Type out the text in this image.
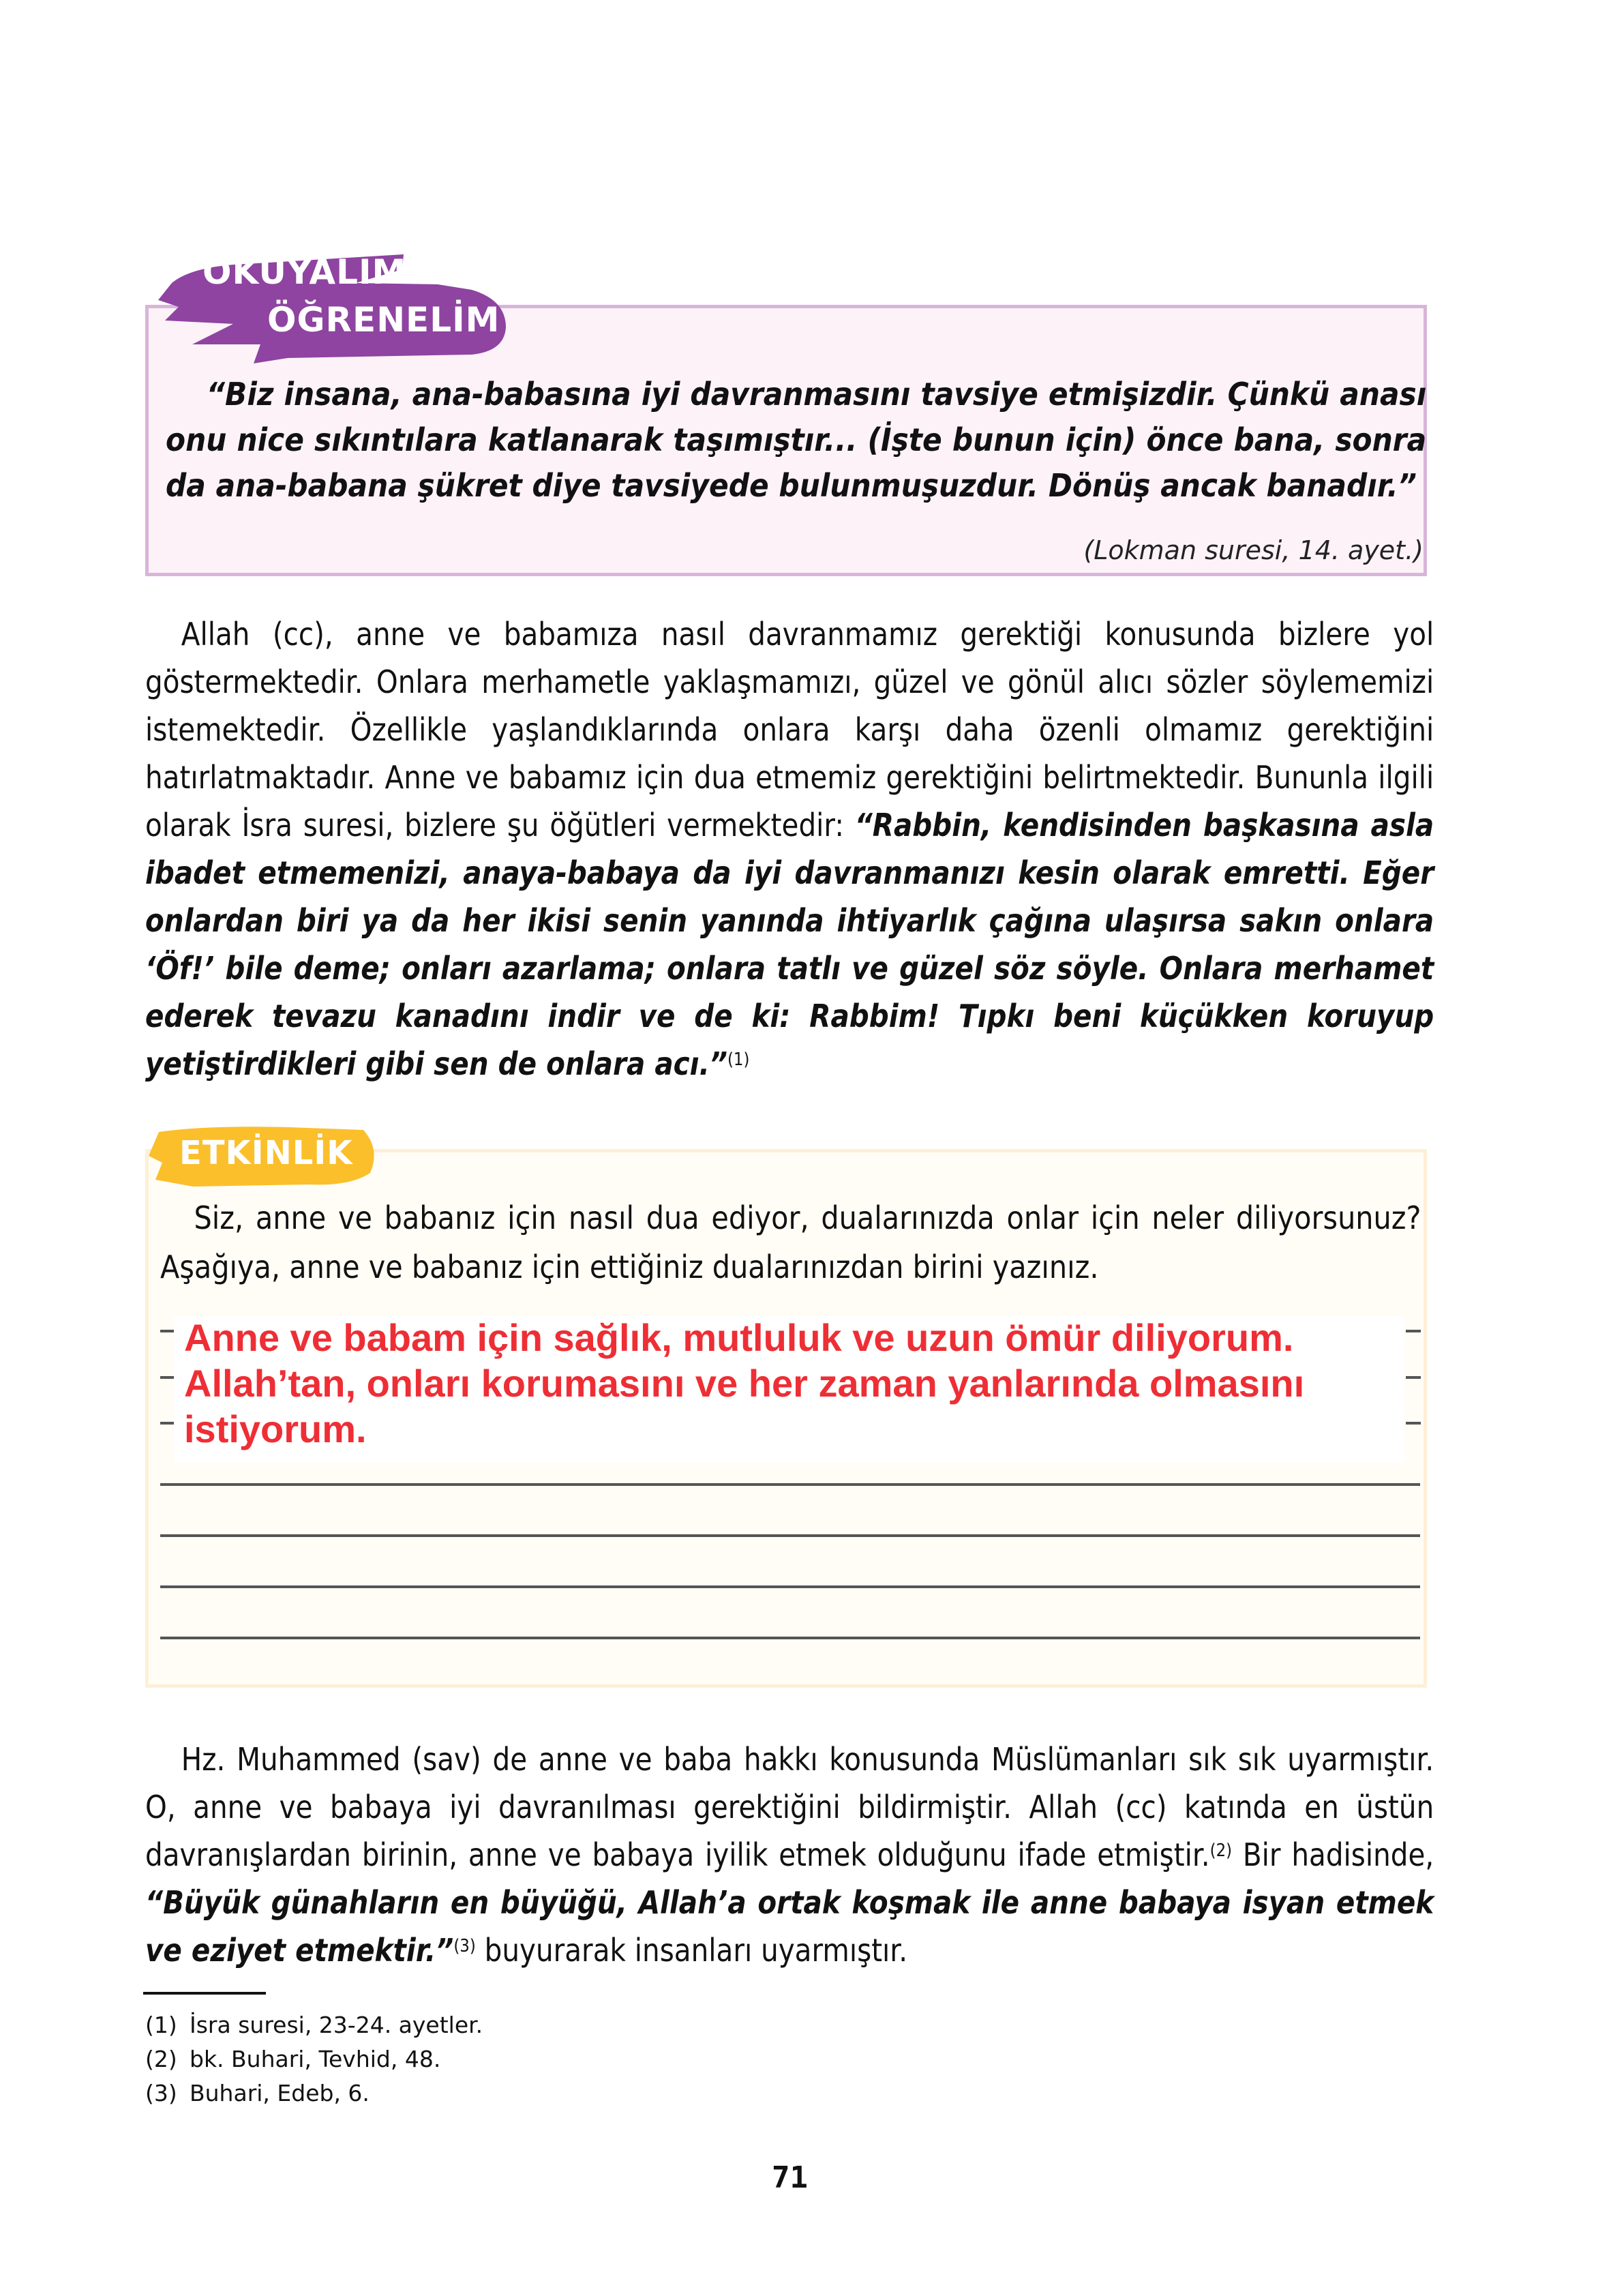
OKUYALIM
ÖĞRENELİM
“Biz insana, ana-babasına iyi davranmasını tavsiye etmişizdir. Çünkü anası onu nice sıkıntılara katlanarak taşımıştır... (İşte bunun için) önce bana, sonra da ana-babana şükret diye tavsiyede bulunmuşuzdur. Dönüş ancak banadır.”
(Lokman suresi, 14. ayet.)
Allah (cc), anne ve babamıza nasıl davranmamız gerektiği konusunda bizlere yol göstermektedir. Onlara merhametle yaklaşmamızı, güzel ve gönül alıcı sözler söylememizi istemektedir. Özellikle yaşlandıklarında onlara karşı daha özenli olmamız gerektiğini hatırlatmaktadır. Anne ve babamız için dua etmemiz gerektiğini belirtmektedir. Bununla ilgili olarak İsra suresi, bizlere şu öğütleri vermektedir: “Rabbin, kendisinden başkasına asla ibadet etmemenizi, anaya-babaya da iyi davranmanızı kesin olarak emretti. Eğer onlardan biri ya da her ikisi senin yanında ihtiyarlık çağına ulaşırsa sakın onlara ‘Öf!’ bile deme; onları azarlama; onlara tatlı ve güzel söz söyle. Onlara merhamet ederek tevazu kanadını indir ve de ki: Rabbim! Tıpkı beni küçükken koruyup yetiştirdikleri gibi sen de onlara acı.”$^{(1)}$
ETKİNLİK
Siz, anne ve babanız için nasıl dua ediyor, dualarınızda onlar için neler diliyorsunuz? Aşağıya, anne ve babanız için ettiğiniz dualarınızdan birini yazınız.
Anne ve babam için sağlık, mutluluk ve uzun ömür diliyorum.
Allah’tan, onları korumasını ve her zaman yanlarında olmasını
istiyorum.
Hz. Muhammed (sav) de anne ve baba hakkı konusunda Müslümanları sık sık uyarmıştır. O, anne ve babaya iyi davranılması gerektiğini bildirmiştir. Allah (cc) katında en üstün davranışlardan birinin, anne ve babaya iyilik etmek olduğunu ifade etmiştir.$^{(2)}$ Bir hadisinde, “Büyük günahların en büyüğü, Allah’a ortak koşmak ile anne babaya isyan etmek ve eziyet etmektir.”$^{(3)}$ buyurarak insanları uyarmıştır.
(1) İsra suresi, 23-24. ayetler.
(2) bk. Buhari, Tevhid, 48.
(3) Buhari, Edeb, 6.
71
